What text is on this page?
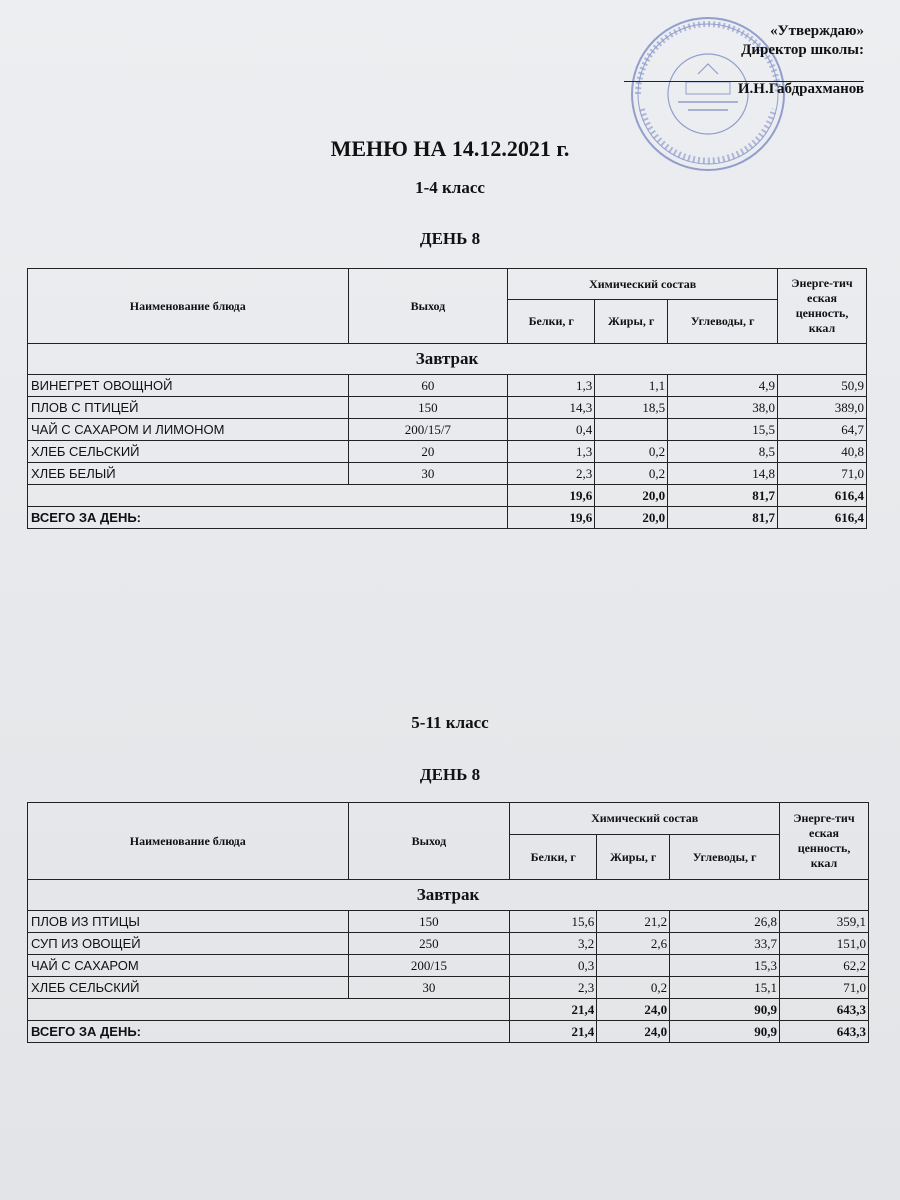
«Утверждаю»
Директор школы:
И.Н.Габдрахманов
МЕНЮ НА 14.12.2021 г.
1-4 класс
ДЕНЬ 8
Наименование блюда	Выход	Химический состав			Энерге-тич еская ценность, ккал
		Белки, г	Жиры, г	Углеводы, г	
Завтрак					
ВИНЕГРЕТ ОВОЩНОЙ	60	1,3	1,1	4,9	50,9
ПЛОВ С ПТИЦЕЙ	150	14,3	18,5	38,0	389,0
ЧАЙ С САХАРОМ И ЛИМОНОМ	200/15/7	0,4		15,5	64,7
ХЛЕБ СЕЛЬСКИЙ	20	1,3	0,2	8,5	40,8
ХЛЕБ БЕЛЫЙ	30	2,3	0,2	14,8	71,0
		19,6	20,0	81,7	616,4
ВСЕГО ЗА ДЕНЬ:		19,6	20,0	81,7	616,4
5-11 класс
ДЕНЬ 8
Наименование блюда	Выход	Химический состав			Энерге-тич еская ценность, ккал
		Белки, г	Жиры, г	Углеводы, г	
Завтрак					
ПЛОВ ИЗ ПТИЦЫ	150	15,6	21,2	26,8	359,1
СУП ИЗ ОВОЩЕЙ	250	3,2	2,6	33,7	151,0
ЧАЙ С САХАРОМ	200/15	0,3		15,3	62,2
ХЛЕБ СЕЛЬСКИЙ	30	2,3	0,2	15,1	71,0
		21,4	24,0	90,9	643,3
ВСЕГО ЗА ДЕНЬ:		21,4	24,0	90,9	643,3
